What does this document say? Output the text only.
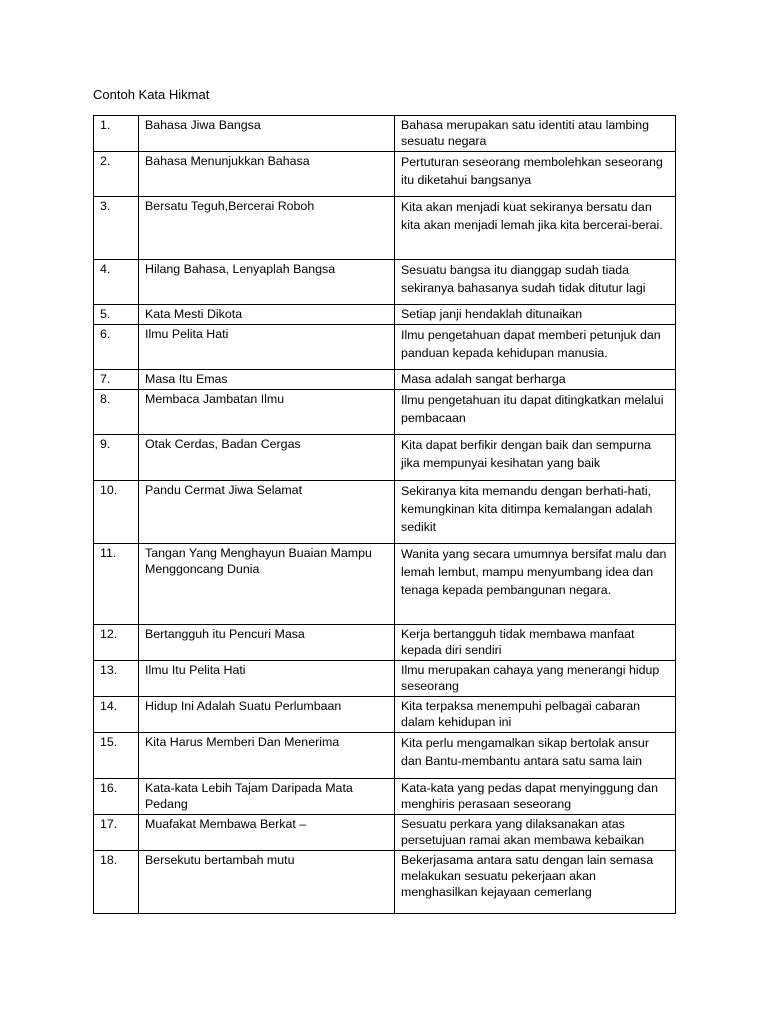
Contoh Kata Hikmat
1.	Bahasa Jiwa Bangsa	Bahasa merupakan satu identiti atau lambing sesuatu negara
2.	Bahasa Menunjukkan Bahasa	Pertuturan seseorang membolehkan seseorang itu diketahui bangsanya
3.	Bersatu Teguh,Bercerai Roboh	Kita akan menjadi kuat sekiranya bersatu dan kita akan menjadi lemah jika kita bercerai-berai.
4.	Hilang Bahasa, Lenyaplah Bangsa	Sesuatu bangsa itu dianggap sudah tiada sekiranya bahasanya sudah tidak ditutur lagi
5.	Kata Mesti Dikota	Setiap janji hendaklah ditunaikan
6.	Ilmu Pelita Hati	Ilmu pengetahuan dapat memberi petunjuk dan panduan kepada kehidupan manusia.
7.	Masa Itu Emas	Masa adalah sangat berharga
8.	Membaca Jambatan Ilmu	Ilmu pengetahuan itu dapat ditingkatkan melalui pembacaan
9.	Otak Cerdas, Badan Cergas	Kita dapat berfikir dengan baik dan sempurna jika mempunyai kesihatan yang baik
10.	Pandu Cermat Jiwa Selamat	Sekiranya kita memandu dengan berhati-hati, kemungkinan kita ditimpa kemalangan adalah sedikit
11.	Tangan Yang Menghayun Buaian Mampu Menggoncang Dunia	Wanita yang secara umumnya bersifat malu dan lemah lembut, mampu menyumbang idea dan tenaga kepada pembangunan negara.
12.	Bertangguh itu Pencuri Masa	Kerja bertangguh tidak membawa manfaat kepada diri sendiri
13.	Ilmu Itu Pelita Hati	Ilmu merupakan cahaya yang menerangi hidup seseorang
14.	Hidup Ini Adalah Suatu Perlumbaan	Kita terpaksa menempuhi pelbagai cabaran dalam kehidupan ini
15.	Kita Harus Memberi Dan Menerima	Kita perlu mengamalkan sikap bertolak ansur dan Bantu-membantu antara satu sama lain
16.	Kata-kata Lebih Tajam Daripada Mata Pedang	Kata-kata yang pedas dapat menyinggung dan menghiris perasaan seseorang
17.	Muafakat Membawa Berkat –	Sesuatu perkara yang dilaksanakan atas persetujuan ramai akan membawa kebaikan
18.	Bersekutu bertambah mutu	Bekerjasama antara satu dengan lain semasa melakukan sesuatu pekerjaan akan menghasilkan kejayaan cemerlang
